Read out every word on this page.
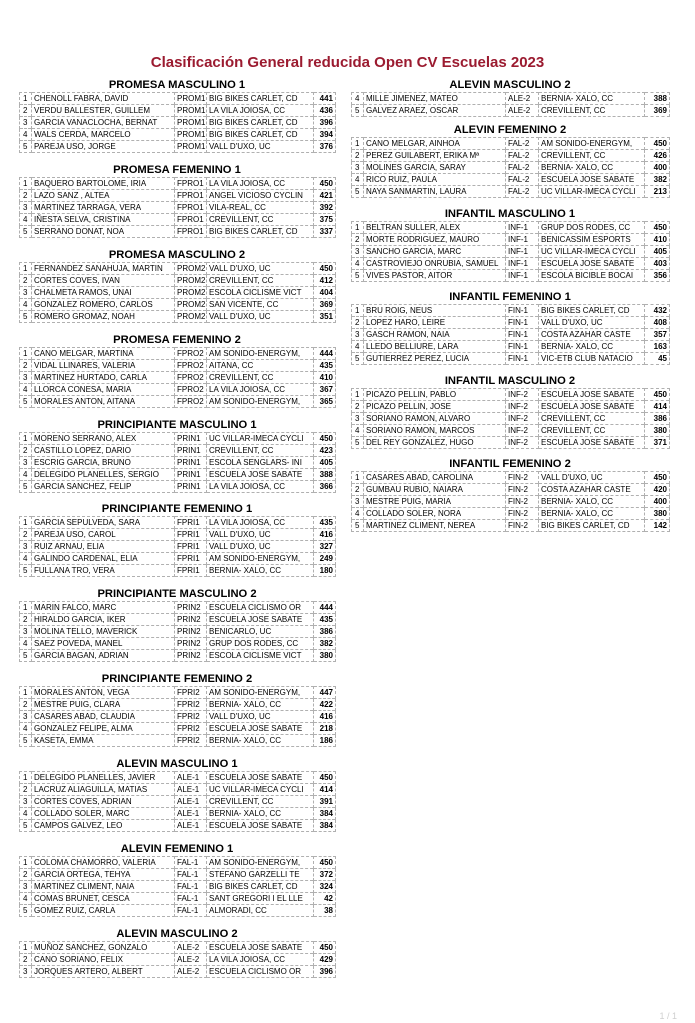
Clasificación General reducida Open CV Escuelas 2023
PROMESA MASCULINO 1
1	CHENOLL FABRA, DAVID	PROM1	BIG BIKES CARLET, CD	441
2	VERDU BALLESTER, GUILLEM	PROM1	LA VILA JOIOSA, CC	436
3	GARCIA VANACLOCHA, BERNAT	PROM1	BIG BIKES CARLET, CD	396
4	WALS CERDA, MARCELO	PROM1	BIG BIKES CARLET, CD	394
5	PAREJA USO, JORGE	PROM1	VALL D'UXO, UC	376
PROMESA FEMENINO 1
1	BAQUERO BARTOLOME, IRIA	FPRO1	LA VILA JOIOSA, CC	450
2	LAZO SANZ , ALTEA	FPRO1	ANGEL VICIOSO CYCLIN	421
3	MARTINEZ TARRAGA, VERA	FPRO1	VILA-REAL, CC	392
4	IÑESTA SELVA, CRISTINA	FPRO1	CREVILLENT, CC	375
5	SERRANO DONAT, NOA	FPRO1	BIG BIKES CARLET, CD	337
PROMESA MASCULINO 2
1	FERNANDEZ SANAHUJA, MARTIN	PROM2	VALL D'UXO, UC	450
2	CORTES COVES, IVAN	PROM2	CREVILLENT, CC	412
3	CHALMETA RAMOS, UNAI	PROM2	ESCOLA CICLISME VICT	404
4	GONZALEZ ROMERO, CARLOS	PROM2	SAN VICENTE, CC	369
5	ROMERO GROMAZ, NOAH	PROM2	VALL D'UXO, UC	351
PROMESA FEMENINO 2
1	CANO MELGAR, MARTINA	FPRO2	AM SONIDO-ENERGYM,	444
2	VIDAL LLINARES, VALERIA	FPRO2	AITANA, CC	435
3	MARTINEZ HURTADO, CARLA	FPRO2	CREVILLENT, CC	410
4	LLORCA CONESA, MARIA	FPRO2	LA VILA JOIOSA, CC	367
5	MORALES ANTON, AITANA	FPRO2	AM SONIDO-ENERGYM,	365
PRINCIPIANTE MASCULINO 1
1	MORENO SERRANO, ALEX	PRIN1	UC VILLAR-IMECA CYCLI	450
2	CASTILLO LOPEZ, DARIO	PRIN1	CREVILLENT, CC	423
3	ESCRIG GARCIA, BRUNO	PRIN1	ESCOLA SENGLARS- INI	405
4	DELEGIDO PLANELLES, SERGIO	PRIN1	ESCUELA JOSE SABATE	388
5	GARCIA SANCHEZ, FELIP	PRIN1	LA VILA JOIOSA, CC	366
PRINCIPIANTE FEMENINO 1
1	GARCIA SEPULVEDA, SARA	FPRI1	LA VILA JOIOSA, CC	435
2	PAREJA USO, CAROL	FPRI1	VALL D'UXO, UC	416
3	RUIZ ARNAU, ELIA	FPRI1	VALL D'UXO, UC	327
4	GALINDO CARDENAL, ELIA	FPRI1	AM SONIDO-ENERGYM,	249
5	FULLANA TRO, VERA	FPRI1	BERNIA- XALO, CC	180
PRINCIPIANTE MASCULINO 2
1	MARIN FALCO, MARC	PRIN2	ESCUELA CICLISMO OR	444
2	HIRALDO GARCIA, IKER	PRIN2	ESCUELA JOSE SABATE	435
3	MOLINA TELLO, MAVERICK	PRIN2	BENICARLO, UC	386
4	SAEZ POVEDA, MANEL	PRIN2	GRUP DOS RODES, CC	382
5	GARCIA BAGAN, ADRIAN	PRIN2	ESCOLA CICLISME VICT	380
PRINCIPIANTE FEMENINO 2
1	MORALES ANTON, VEGA	FPRI2	AM SONIDO-ENERGYM,	447
2	MESTRE PUIG, CLARA	FPRI2	BERNIA- XALO, CC	422
3	CASARES ABAD, CLAUDIA	FPRI2	VALL D'UXO, UC	416
4	GONZALEZ FELIPE, ALMA	FPRI2	ESCUELA JOSE SABATE	218
5	KASETA, EMMA	FPRI2	BERNIA- XALO, CC	186
ALEVIN MASCULINO 1
1	DELEGIDO PLANELLES, JAVIER	ALE-1	ESCUELA JOSE SABATE	450
2	LACRUZ ALIAGUILLA, MATIAS	ALE-1	UC VILLAR-IMECA CYCLI	414
3	CORTES COVES, ADRIAN	ALE-1	CREVILLENT, CC	391
4	COLLADO SOLER, MARC	ALE-1	BERNIA- XALO, CC	384
5	CAMPOS GALVEZ, LEO	ALE-1	ESCUELA JOSE SABATE	384
ALEVIN FEMENINO 1
1	COLOMA CHAMORRO, VALERIA	FAL-1	AM SONIDO-ENERGYM,	450
2	GARCIA ORTEGA, TEHYA	FAL-1	STEFANO GARZELLI TE	372
3	MARTINEZ CLIMENT, NAIA	FAL-1	BIG BIKES CARLET, CD	324
4	COMAS BRUNET, CESCA	FAL-1	SANT GREGORI I EL LLE	42
5	GOMEZ RUIZ, CARLA	FAL-1	ALMORADI, CC	38
ALEVIN MASCULINO 2
1	MUÑOZ SANCHEZ, GONZALO	ALE-2	ESCUELA JOSE SABATE	450
2	CANO SORIANO, FELIX	ALE-2	LA VILA JOIOSA, CC	429
3	JORQUES ARTERO, ALBERT	ALE-2	ESCUELA CICLISMO OR	396
ALEVIN MASCULINO 2
4	MILLE JIMENEZ, MATEO	ALE-2	BERNIA- XALO, CC	388
5	GALVEZ ARAEZ, OSCAR	ALE-2	CREVILLENT, CC	369
ALEVIN FEMENINO 2
1	CANO MELGAR, AINHOA	FAL-2	AM SONIDO-ENERGYM,	450
2	PEREZ GUILABERT, ERIKA Mª	FAL-2	CREVILLENT, CC	426
3	MOLINES GARCIA, SARAY	FAL-2	BERNIA- XALO, CC	400
4	RICO RUIZ, PAULA	FAL-2	ESCUELA JOSE SABATE	382
5	NAYA SANMARTIN, LAURA	FAL-2	UC VILLAR-IMECA CYCLI	213
INFANTIL MASCULINO 1
1	BELTRAN SULLER, ALEX	INF-1	GRUP DOS RODES, CC	450
2	MORTE RODRIGUEZ, MAURO	INF-1	BENICASSIM ESPORTS	410
3	SANCHO GARCIA, MARC	INF-1	UC VILLAR-IMECA CYCLI	405
4	CASTROVIEJO ONRUBIA, SAMUEL	INF-1	ESCUELA JOSE SABATE	403
5	VIVES PASTOR, AITOR	INF-1	ESCOLA BICIBLE BOCAI	356
INFANTIL FEMENINO 1
1	BRU ROIG, NEUS	FIN-1	BIG BIKES CARLET, CD	432
2	LOPEZ HARO, LEIRE	FIN-1	VALL D'UXO, UC	408
3	GASCH RAMON, NAIA	FIN-1	COSTA AZAHAR CASTE	357
4	LLEDO BELLIURE, LARA	FIN-1	BERNIA- XALO, CC	163
5	GUTIERREZ PEREZ, LUCIA	FIN-1	VIC-ETB CLUB NATACIO	45
INFANTIL MASCULINO 2
1	PICAZO PELLIN, PABLO	INF-2	ESCUELA JOSE SABATE	450
2	PICAZO PELLIN, JOSE	INF-2	ESCUELA JOSE SABATE	414
3	SORIANO RAMON, ALVARO	INF-2	CREVILLENT, CC	386
4	SORIANO RAMON, MARCOS	INF-2	CREVILLENT, CC	380
5	DEL REY GONZALEZ, HUGO	INF-2	ESCUELA JOSE SABATE	371
INFANTIL FEMENINO 2
1	CASARES ABAD, CAROLINA	FIN-2	VALL D'UXO, UC	450
2	GUMBAU RUBIO, NAIARA	FIN-2	COSTA AZAHAR CASTE	420
3	MESTRE PUIG, MARIA	FIN-2	BERNIA- XALO, CC	400
4	COLLADO SOLER, NORA	FIN-2	BERNIA- XALO, CC	380
5	MARTINEZ CLIMENT, NEREA	FIN-2	BIG BIKES CARLET, CD	142
1 / 1
